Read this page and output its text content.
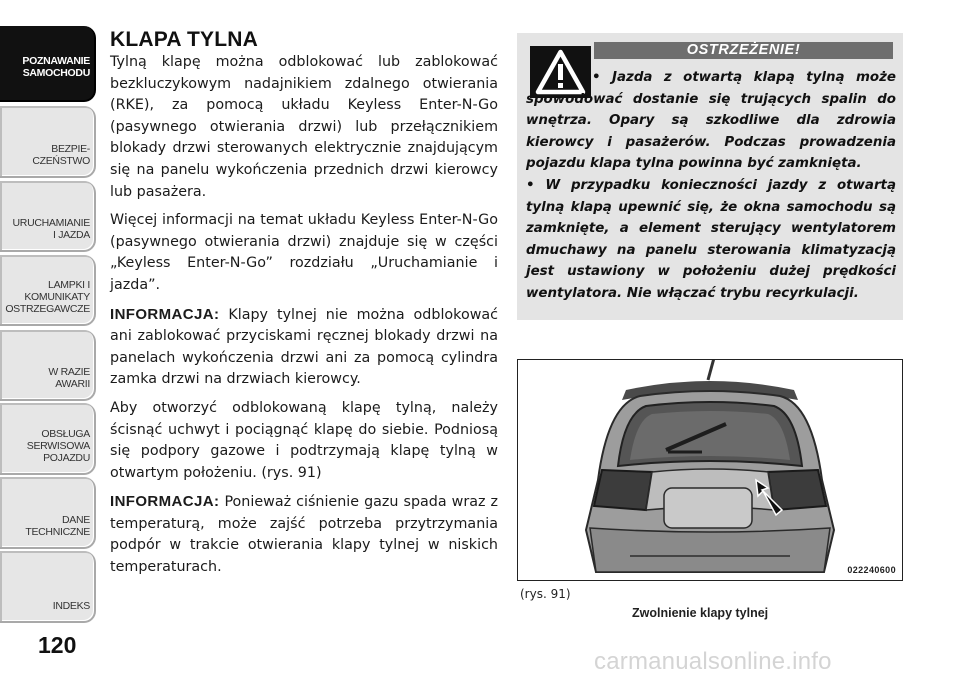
POZNAWANIE
SAMOCHODU
BEZPIE-
CZEŃSTWO
URUCHAMIANIE
I JAZDA
LAMPKI I
KOMUNIKATY
OSTRZEGAWCZE
W RAZIE
AWARII
OBSŁUGA
SERWISOWA
POJAZDU
DANE
TECHNICZNE
INDEKS
120
KLAPA TYLNA

Tylną klapę można odblokować lub zablokować bezkluczykowym nadajnikiem zdalnego otwierania (RKE), za pomocą układu Keyless Enter-N-Go (pasywnego otwierania drzwi) lub przełącznikiem blokady drzwi sterowanych elektrycznie znajdującym się na panelu wykończenia przednich drzwi kierowcy lub pasażera.

Więcej informacji na temat układu Keyless Enter-N-Go (pasywnego otwierania drzwi) znajduje się w części „Keyless Enter-N-Go” rozdziału „Uruchamianie i jazda”.

INFORMACJA: Klapy tylnej nie można odblokować ani zablokować przyciskami ręcznej blokady drzwi na panelach wykończenia drzwi ani za pomocą cylindra zamka drzwi na drzwiach kierowcy.

Aby otworzyć odblokowaną klapę tylną, należy ścisnąć uchwyt i pociągnąć klapę do siebie. Podniosą się podpory gazowe i podtrzymają klapę tylną w otwartym położeniu. (rys. 91)

INFORMACJA: Ponieważ ciśnienie gazu spada wraz z temperaturą, może zajść potrzeba przytrzymania podpór w trakcie otwierania klapy tylnej w niskich temperaturach.

OSTRZEŻENIE!

• Jazda z otwartą klapą tylną może spowodować dostanie się trujących spalin do wnętrza. Opary są szkodliwe dla zdrowia kierowcy i pasażerów. Podczas prowadzenia pojazdu klapa tylna powinna być zamknięta.

• W przypadku konieczności jazdy z otwartą tylną klapą upewnić się, że okna samochodu są zamknięte, a element sterujący wentylatorem dmuchawy na panelu sterowania klimatyzacją jest ustawiony w położeniu dużej prędkości wentylatora. Nie włączać trybu recyrkulacji.

022240600
(rys. 91)
Zwolnienie klapy tylnej
carmanualsonline.info
